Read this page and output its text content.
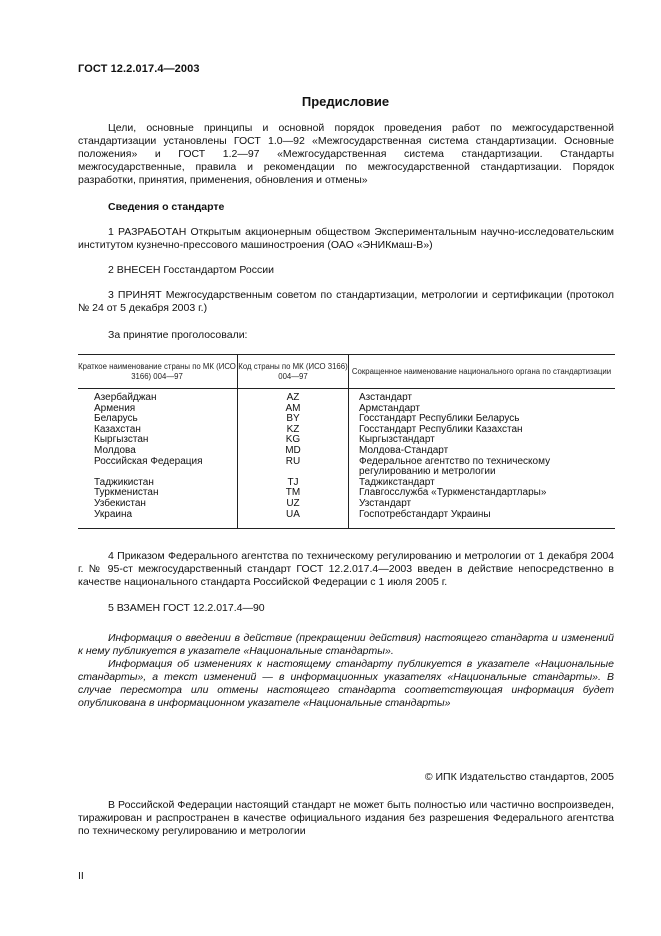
ГОСТ 12.2.017.4—2003
Предисловие

Цели, основные принципы и основной порядок проведения работ по межгосударственной стандартизации установлены ГОСТ 1.0—92 «Межгосударственная система стандартизации. Основные положения» и ГОСТ 1.2—97 «Межгосударственная система стандартизации. Стандарты межгосударственные, правила и рекомендации по межгосударственной стандартизации. Порядок разработки, принятия, применения, обновления и отмены»

Сведения о стандарте
1 РАЗРАБОТАН Открытым акционерным обществом Экспериментальным научно-исследовательским институтом кузнечно-прессового машиностроения (ОАО «ЭНИКмаш-В»)
2 ВНЕСЕН Госстандартом России
3 ПРИНЯТ Межгосударственным советом по стандартизации, метрологии и сертификации (протокол № 24 от 5 декабря 2003 г.)
За принятие проголосовали:
Краткое наименование страны по МК (ИСО 3166) 004—97
Код страны по МК (ИСО 3166) 004—97
Сокращенное наименование национального органа по стандартизации
Азербайджан
Армения
Беларусь
Казахстан
Кыргызстан
Молдова
Российская Федерация
Таджикистан
Туркменистан
Узбекистан
Украина
AZ
AM
BY
KZ
KG
MD
RU
TJ
TM
UZ
UA
Азстандарт
Армстандарт
Госстандарт Республики Беларусь
Госстандарт Республики Казахстан
Кыргызстандарт
Молдова-Стандарт
Федеральное агентство по техническому регулированию и метрологии
Таджикстандарт
Главгосслужба «Туркменстандартлары»
Узстандарт
Госпотребстандарт Украины
4 Приказом Федерального агентства по техническому регулированию и метрологии от 1 декабря 2004 г. № 95-ст межгосударственный стандарт ГОСТ 12.2.017.4—2003 введен в действие непосредственно в качестве национального стандарта Российской Федерации с 1 июля 2005 г.
5 ВЗАМЕН ГОСТ 12.2.017.4—90
Информация о введении в действие (прекращении действия) настоящего стандарта и изменений к нему публикуется в указателе «Национальные стандарты».
Информация об изменениях к настоящему стандарту публикуется в указателе «Национальные стандарты», а текст изменений — в информационных указателях «Национальные стандарты». В случае пересмотра или отмены настоящего стандарта соответствующая информация будет опубликована в информационном указателе «Национальные стандарты»
© ИПК Издательство стандартов, 2005
В Российской Федерации настоящий стандарт не может быть полностью или частично воспроизведен, тиражирован и распространен в качестве официального издания без разрешения Федерального агентства по техническому регулированию и метрологии
II
